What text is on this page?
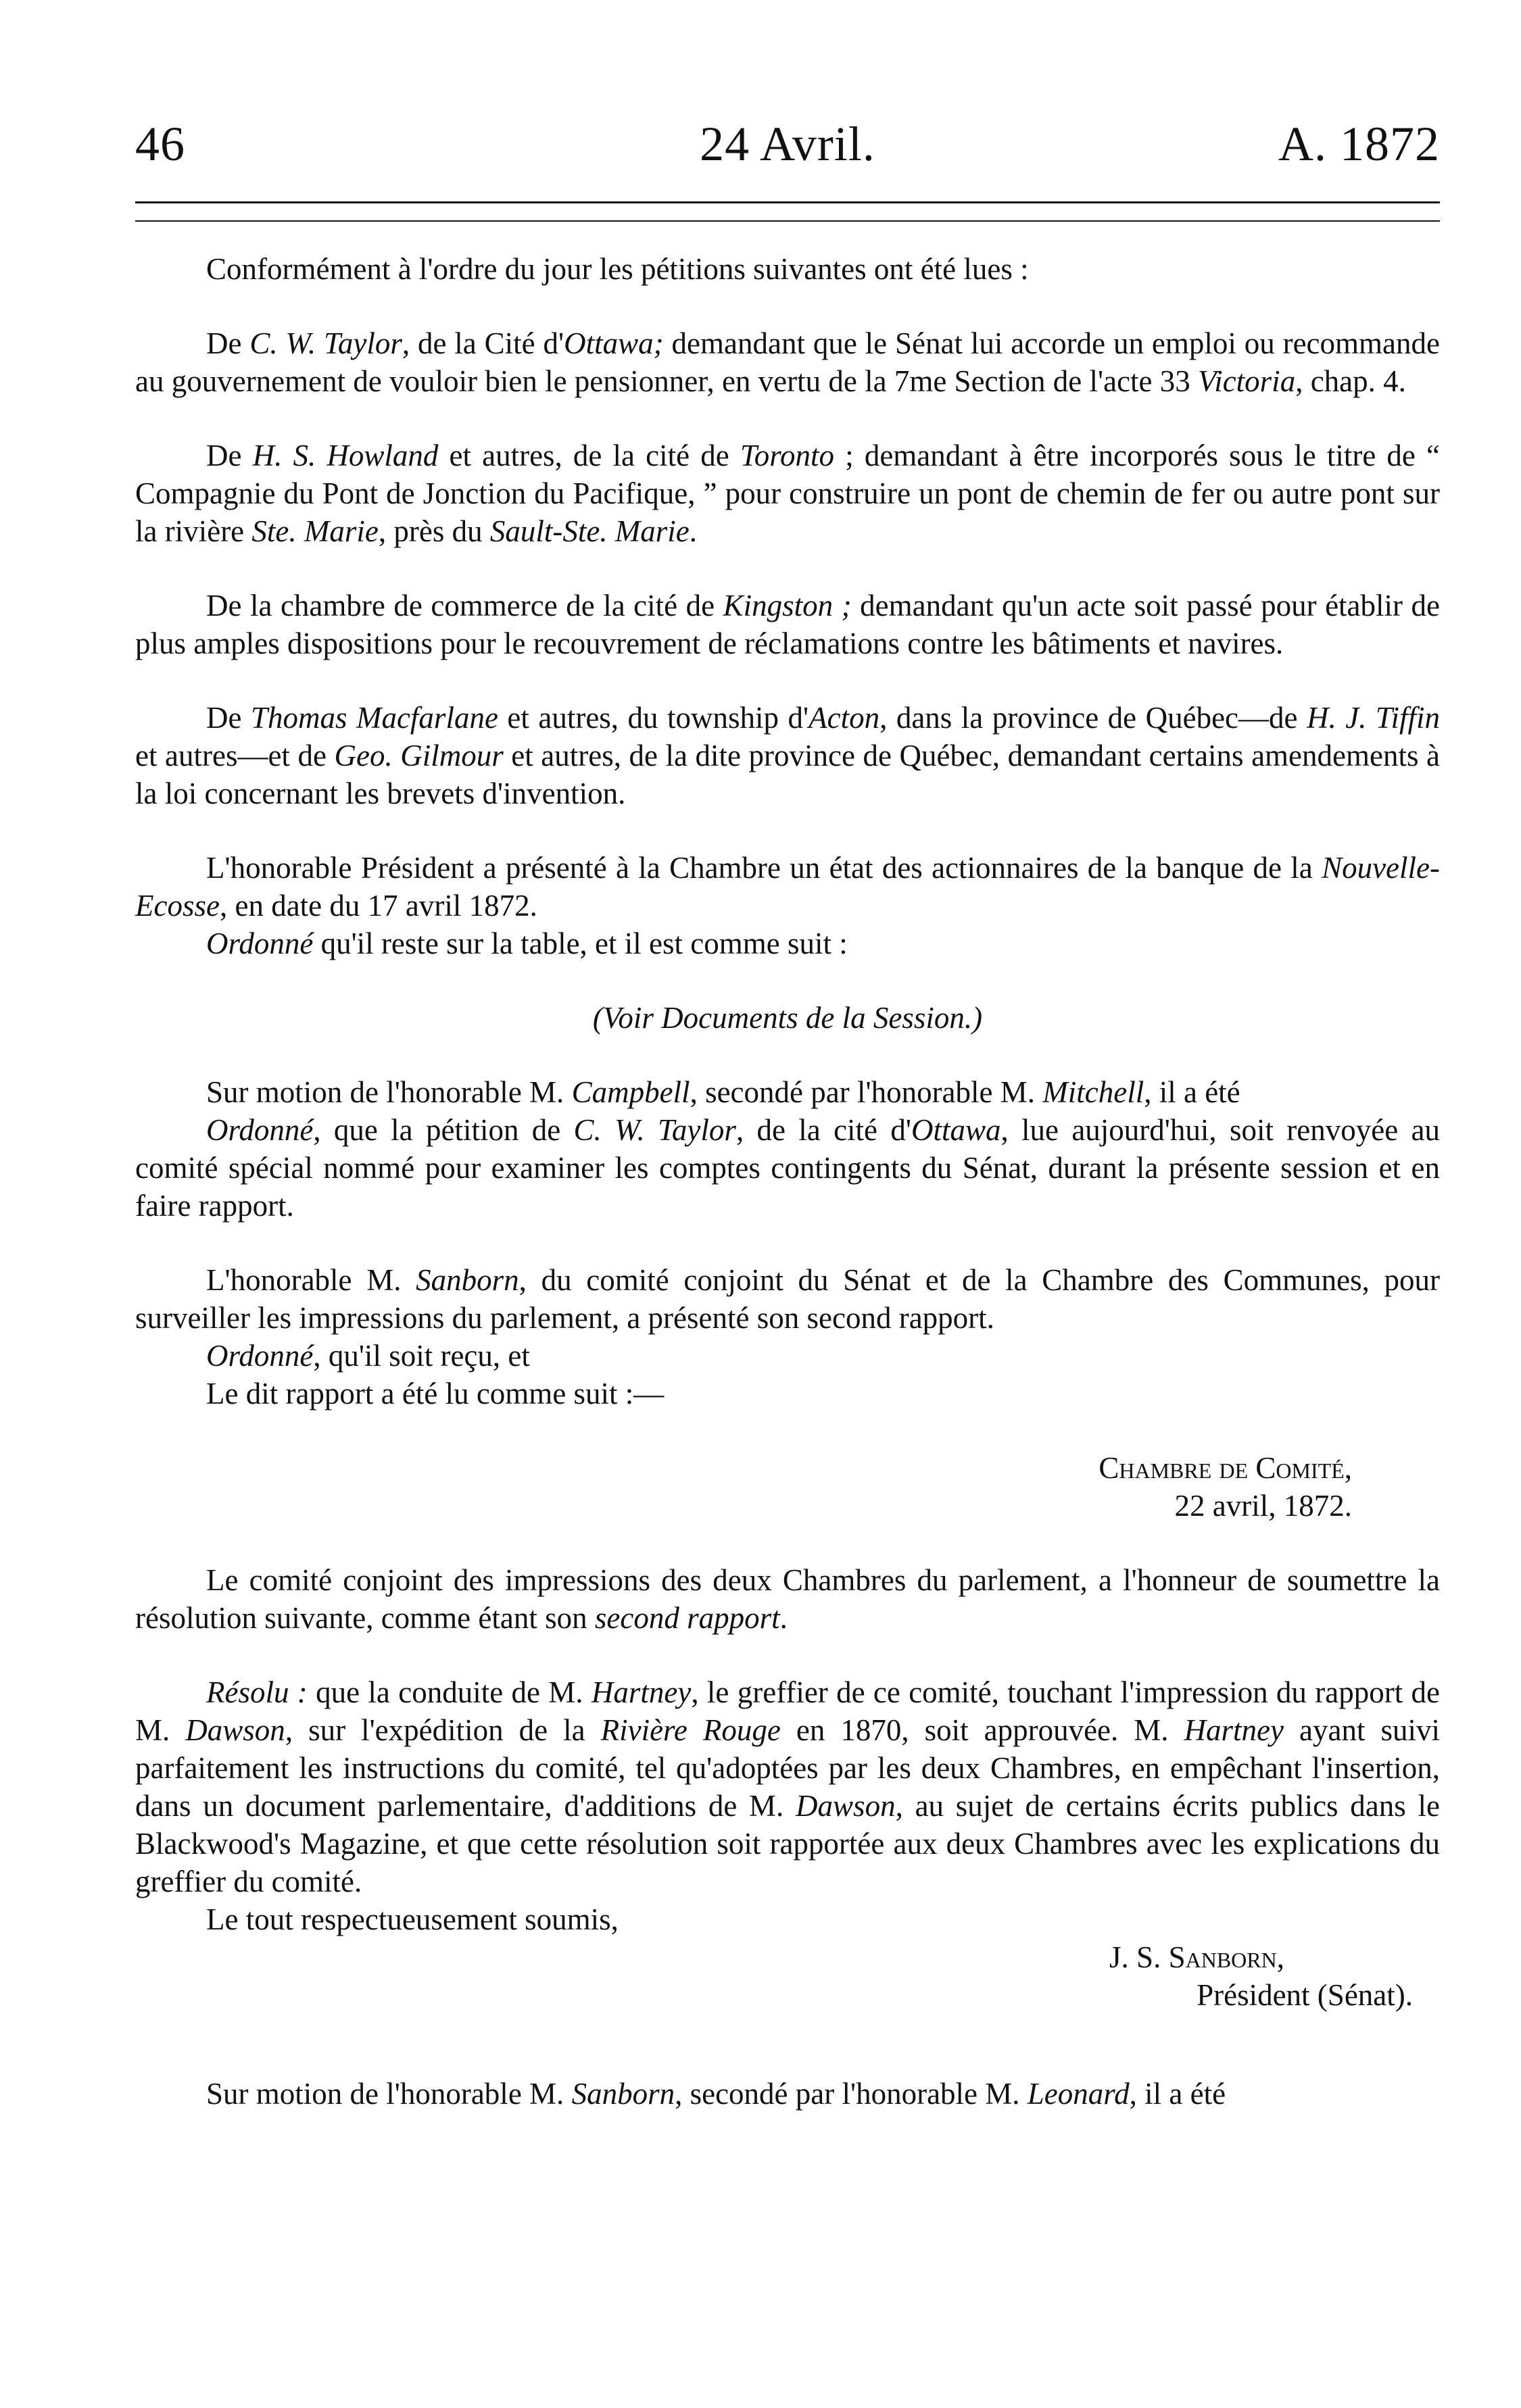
46	24 Avril.	A. 1872

Conformément à l'ordre du jour les pétitions suivantes ont été lues :

De C. W. Taylor, de la Cité d'Ottawa; demandant que le Sénat lui accorde un emploi ou recommande au gouvernement de vouloir bien le pensionner, en vertu de la 7me Section de l'acte 33 Victoria, chap. 4.

De H. S. Howland et autres, de la cité de Toronto ; demandant à être incorporés sous le titre de “ Compagnie du Pont de Jonction du Pacifique, ” pour construire un pont de chemin de fer ou autre pont sur la rivière Ste. Marie, près du Sault-Ste. Marie.

De la chambre de commerce de la cité de Kingston ; demandant qu'un acte soit passé pour établir de plus amples dispositions pour le recouvrement de réclamations contre les bâtiments et navires.

De Thomas Macfarlane et autres, du township d'Acton, dans la province de Québec—de H. J. Tiffin et autres—et de Geo. Gilmour et autres, de la dite province de Québec, demandant certains amendements à la loi concernant les brevets d'invention.

L'honorable Président a présenté à la Chambre un état des actionnaires de la banque de la Nouvelle-Ecosse, en date du 17 avril 1872.
Ordonné qu'il reste sur la table, et il est comme suit :

(Voir Documents de la Session.)

Sur motion de l'honorable M. Campbell, secondé par l'honorable M. Mitchell, il a été
Ordonné, que la pétition de C. W. Taylor, de la cité d'Ottawa, lue aujourd'hui, soit renvoyée au comité spécial nommé pour examiner les comptes contingents du Sénat, durant la présente session et en faire rapport.

L'honorable M. Sanborn, du comité conjoint du Sénat et de la Chambre des Communes, pour surveiller les impressions du parlement, a présenté son second rapport.

Ordonné, qu'il soit reçu, et

Le dit rapport a été lu comme suit :—

Chambre de Comité,

22 avril, 1872.

Le comité conjoint des impressions des deux Chambres du parlement, a l'honneur de soumettre la résolution suivante, comme étant son second rapport.

Résolu : que la conduite de M. Hartney, le greffier de ce comité, touchant l'impression du rapport de M. Dawson, sur l'expédition de la Rivière Rouge en 1870, soit approuvée. M. Hartney ayant suivi parfaitement les instructions du comité, tel qu'adoptées par les deux Chambres, en empêchant l'insertion, dans un document parlementaire, d'additions de M. Dawson, au sujet de certains écrits publics dans le Blackwood's Magazine, et que cette résolution soit rapportée aux deux Chambres avec les explications du greffier du comité.

Le tout respectueusement soumis,

J. S. Sanborn,

Président (Sénat).

Sur motion de l'honorable M. Sanborn, secondé par l'honorable M. Leonard, il a été
